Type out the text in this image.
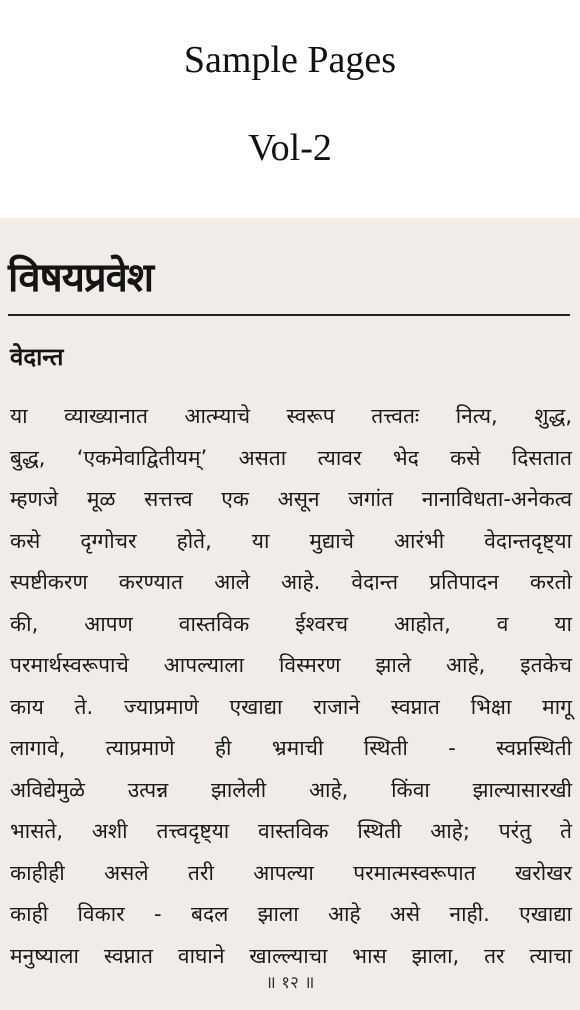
Sample Pages
Vol-2
विषयप्रवेश
वेदान्त
या व्याख्यानात आत्म्याचे स्वरूप तत्त्वतः नित्य, शुद्ध,
बुद्ध, ‘एकमेवाद्वितीयम्’ असता त्यावर भेद कसे दिसतात
म्हणजे मूळ सत्तत्त्व एक असून जगांत नानाविधता-अनेकत्व
कसे दृग्गोचर होते, या मुद्याचे आरंभी वेदान्तदृष्ट्या
स्पष्टीकरण करण्यात आले आहे. वेदान्त प्रतिपादन करतो
की, आपण वास्तविक ईश्वरच आहोत, व या
परमार्थस्वरूपाचे आपल्याला विस्मरण झाले आहे, इतकेच
काय ते. ज्याप्रमाणे एखाद्या राजाने स्वप्नात भिक्षा मागू
लागावे, त्याप्रमाणे ही भ्रमाची स्थिती - स्वप्नस्थिती
अविद्येमुळे उत्पन्न झालेली आहे, किंवा झाल्यासारखी
भासते, अशी तत्त्वदृष्ट्या वास्तविक स्थिती आहे; परंतु ते
काहीही असले तरी आपल्या परमात्मस्वरूपात खरोखर
काही विकार - बदल झाला आहे असे नाही. एखाद्या
मनुष्याला स्वप्नात वाघाने खाल्ल्याचा भास झाला, तर त्याचा
॥ १२ ॥
